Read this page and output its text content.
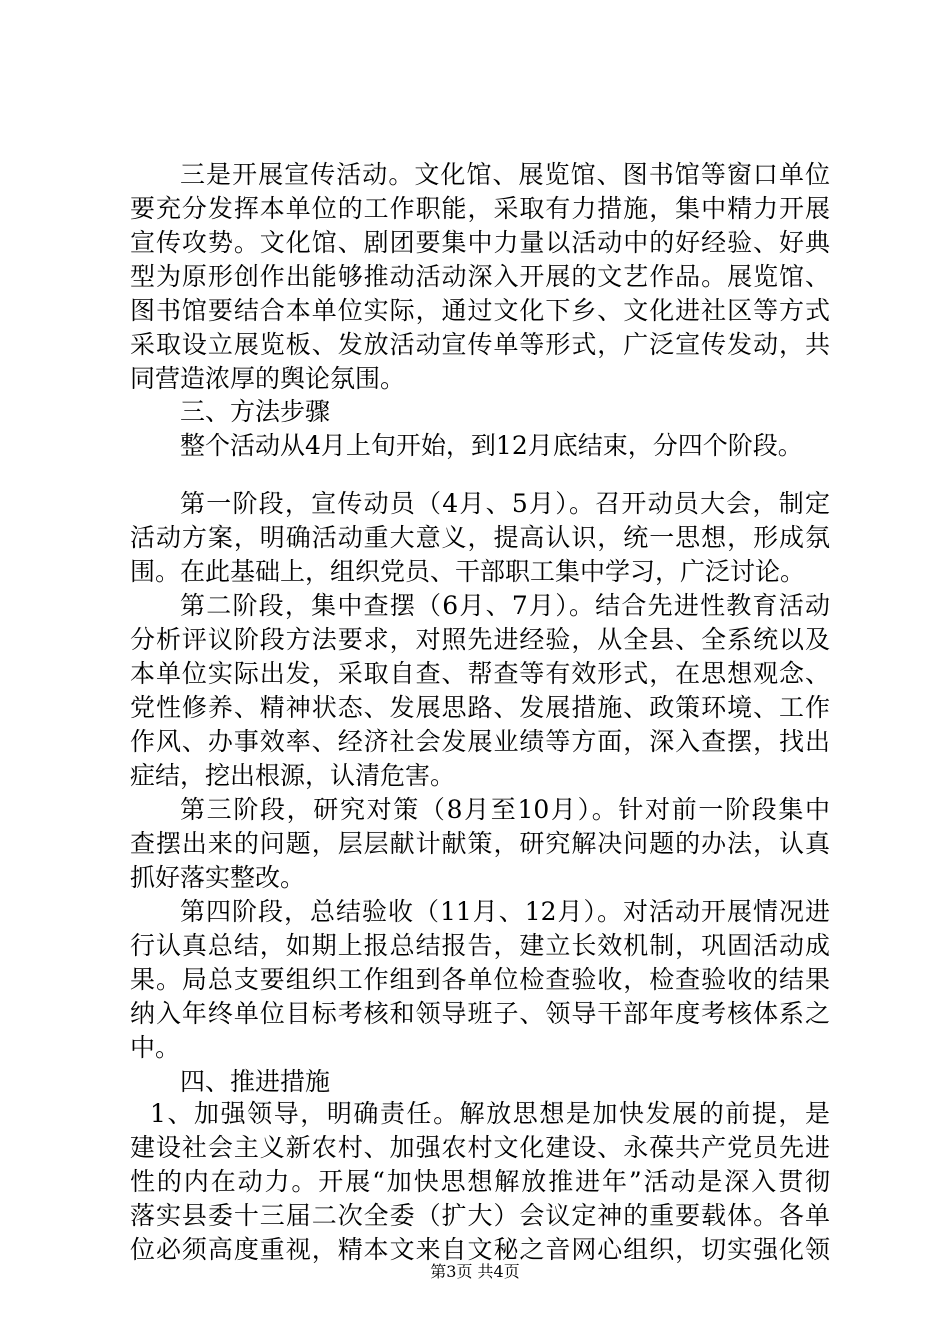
三是开展宣传活动。文化馆、展览馆、图书馆等窗口单位
要充分发挥本单位的工作职能，采取有力措施，集中精力开展
宣传攻势。文化馆、剧团要集中力量以活动中的好经验、好典
型为原形创作出能够推动活动深入开展的文艺作品。展览馆、
图书馆要结合本单位实际，通过文化下乡、文化进社区等方式
采取设立展览板、发放活动宣传单等形式，广泛宣传发动，共
同营造浓厚的舆论氛围。
三、方法步骤
整个活动从4月上旬开始，到12月底结束，分四个阶段。
第一阶段，宣传动员（4月、5月）。召开动员大会，制定
活动方案，明确活动重大意义，提高认识，统一思想，形成氛
围。在此基础上，组织党员、干部职工集中学习，广泛讨论。
第二阶段，集中查摆（6月、7月）。结合先进性教育活动
分析评议阶段方法要求，对照先进经验，从全县、全系统以及
本单位实际出发，采取自查、帮查等有效形式，在思想观念、
党性修养、精神状态、发展思路、发展措施、政策环境、工作
作风、办事效率、经济社会发展业绩等方面，深入查摆，找出
症结，挖出根源，认清危害。
第三阶段，研究对策（8月至10月）。针对前一阶段集中
查摆出来的问题，层层献计献策，研究解决问题的办法，认真
抓好落实整改。
第四阶段，总结验收（11月、12月）。对活动开展情况进
行认真总结，如期上报总结报告，建立长效机制，巩固活动成
果。局总支要组织工作组到各单位检查验收，检查验收的结果
纳入年终单位目标考核和领导班子、领导干部年度考核体系之
中。
四、推进措施
1、加强领导，明确责任。解放思想是加快发展的前提，是
建设社会主义新农村、加强农村文化建设、永葆共产党员先进
性的内在动力。开展“加快思想解放推进年”活动是深入贯彻
落实县委十三届二次全委（扩大）会议定神的重要载体。各单
位必须高度重视，精本文来自文秘之音网心组织，切实强化领
第3页 共4页
